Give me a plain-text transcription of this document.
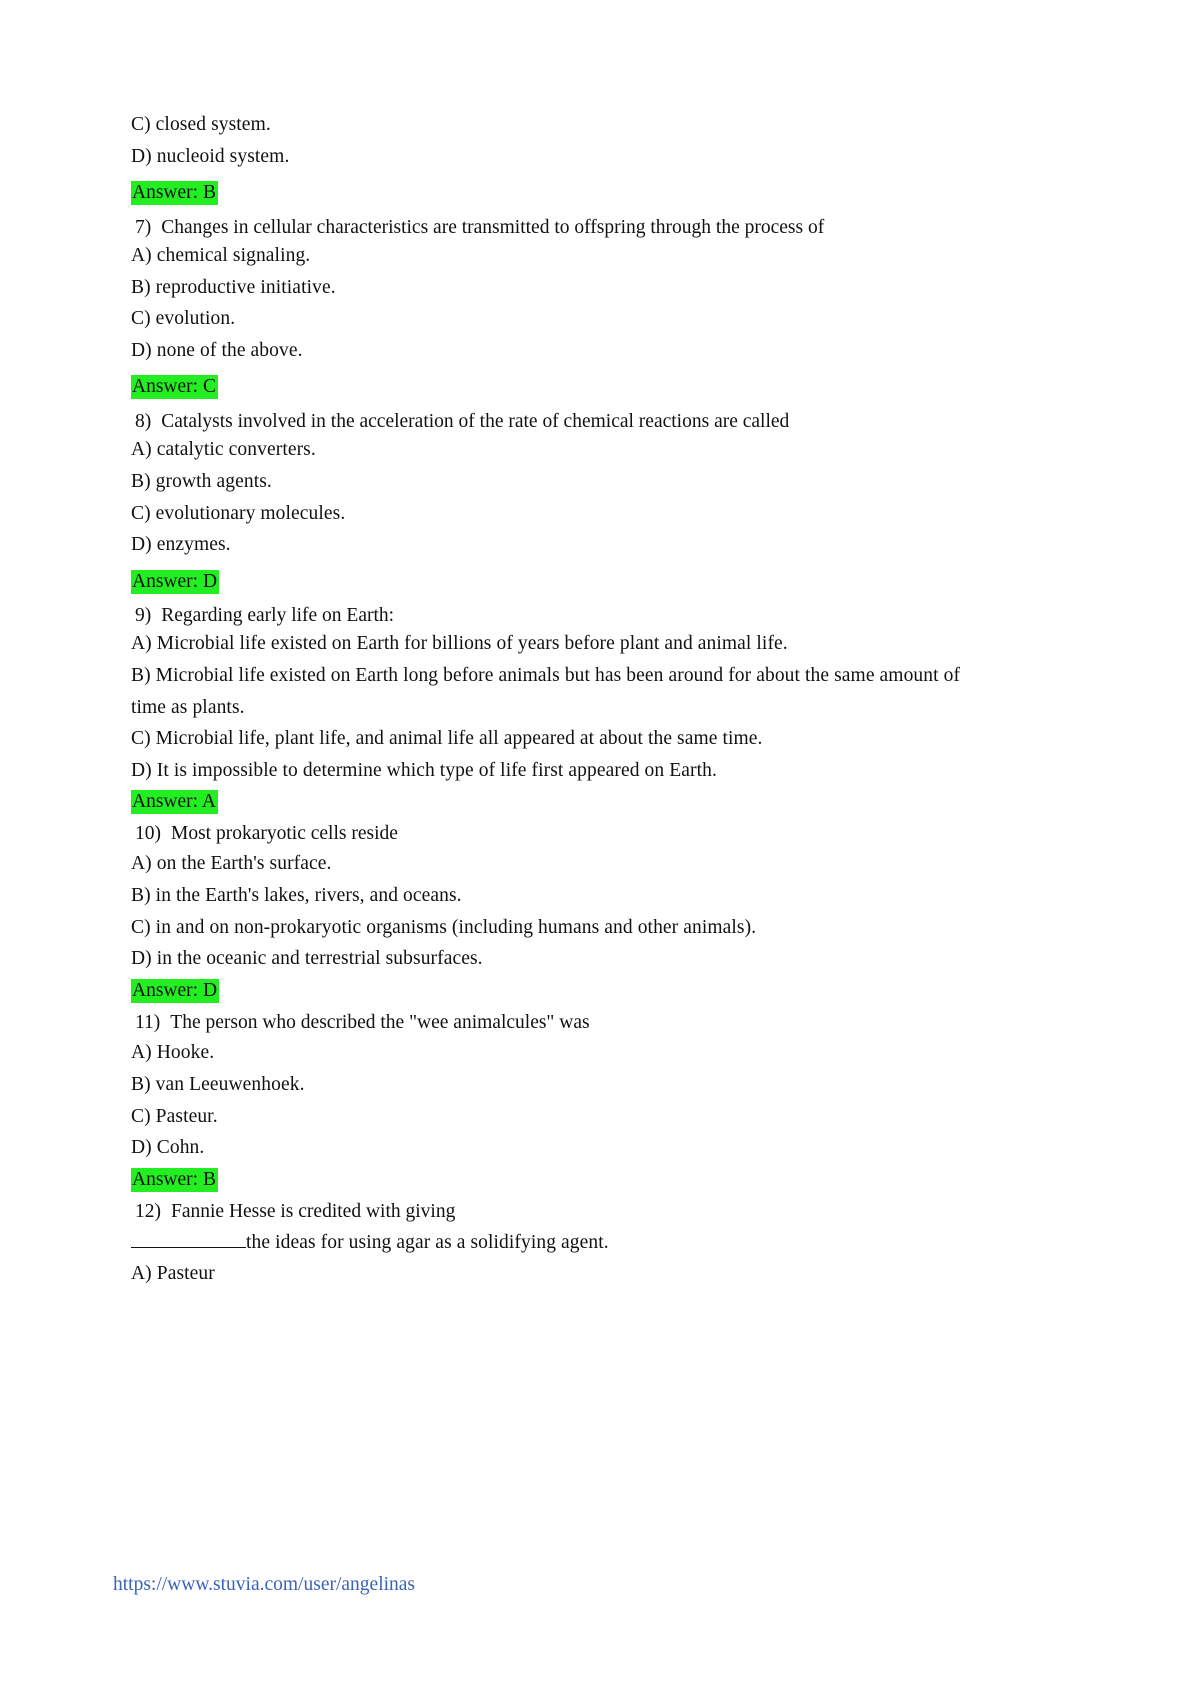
C) closed system.
D) nucleoid system.
Answer: B
7) Changes in cellular characteristics are transmitted to offspring through the process of
A) chemical signaling.
B) reproductive initiative.
C) evolution.
D) none of the above.
Answer: C
8) Catalysts involved in the acceleration of the rate of chemical reactions are called
A) catalytic converters.
B) growth agents.
C) evolutionary molecules.
D) enzymes.
Answer: D
9) Regarding early life on Earth:
A) Microbial life existed on Earth for billions of years before plant and animal life.
B) Microbial life existed on Earth long before animals but has been around for about the same amount of
time as plants.
C) Microbial life, plant life, and animal life all appeared at about the same time.
D) It is impossible to determine which type of life first appeared on Earth.
Answer: A
10) Most prokaryotic cells reside
A) on the Earth's surface.
B) in the Earth's lakes, rivers, and oceans.
C) in and on non-prokaryotic organisms (including humans and other animals).
D) in the oceanic and terrestrial subsurfaces.
Answer: D
11) The person who described the "wee animalcules" was
A) Hooke.
B) van Leeuwenhoek.
C) Pasteur.
D) Cohn.
Answer: B
12) Fannie Hesse is credited with giving
the ideas for using agar as a solidifying agent.
A) Pasteur
https://www.stuvia.com/user/angelinas
